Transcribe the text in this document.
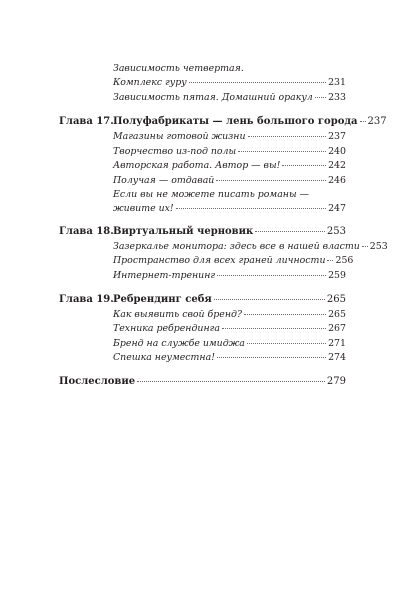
Зависимость четвертая.
Комплекс гуру	231
Зависимость пятая. Домашний оракул 233
Глава 17. Полуфабрикаты — лень большого города 237
Магазины готовой жизни	237
Творчество из-под полы	240
Авторская работа. Автор — вы!	242
Получая — отдавай	246
Если вы не можете писать романы —
живите их!	247
Глава 18. Виртуальный черновик	253
Зазеркалье монитора: здесь все в нашей власти 253
Пространство для всех граней личности 256
Интернет-тренинг	259
Глава 19. Ребрендинг себя	265
Как выявить свой бренд?	265
Техника ребрендинга	267
Бренд на службе имиджа	271
Спешка неуместна!	274
Послесловие	279
